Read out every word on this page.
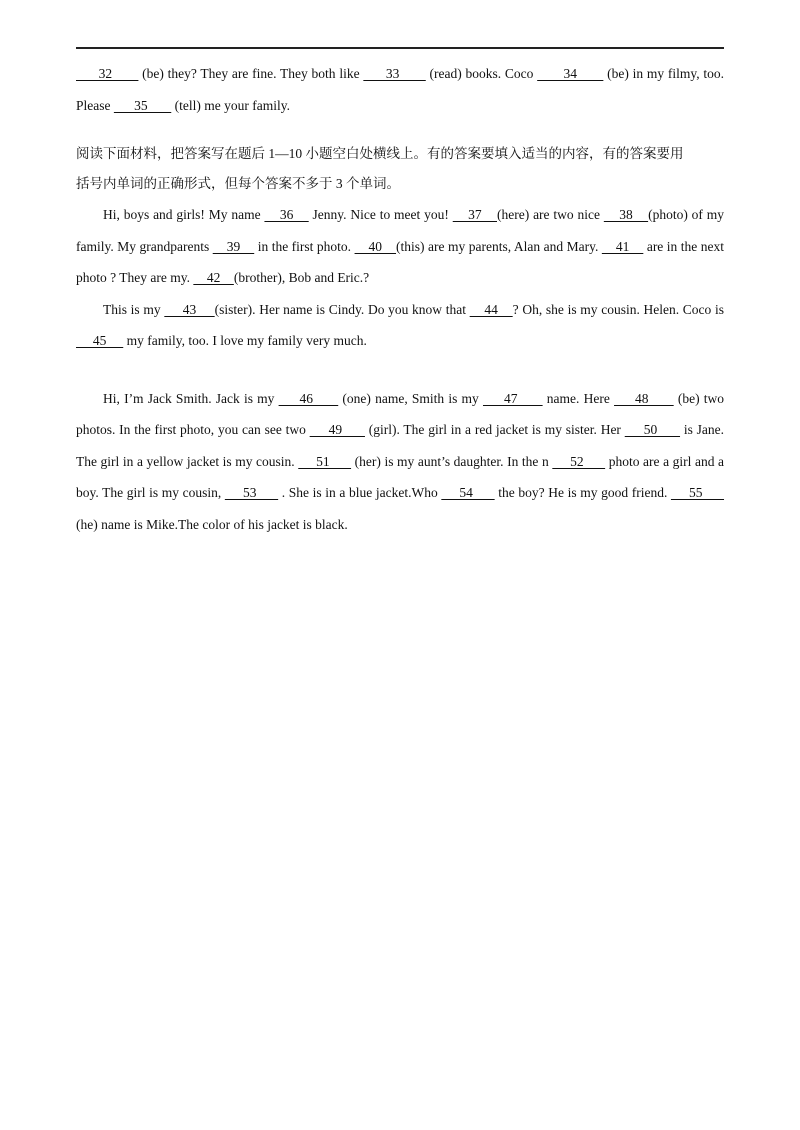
32        (be) they? They are fine. They both like       33        (read) books. Coco        34        (be) in my filmy, too. Please       35        (tell) me your family.

阅读下面材料，把答案写在题后 1—10 小题空白处横线上。有的答案要填入适当的内容，有的答案要用
括号内单词的正确形式，但每个答案不多于 3 个单词。

Hi, boys and girls! My name     36     Jenny. Nice to meet you!     37    (here) are two nice     38    (photo) of my family. My grandparents     39     in the first photo.     40    (this) are my parents, Alan and Mary.     41     are in the next photo ? They are my.     42    (brother), Bob and Eric.?

This is my      43     (sister). Her name is Cindy. Do you know that     44    ? Oh, she is my cousin. Helen. Coco is      45      my family, too. I love my family very much.

Hi, I’m Jack Smith. Jack is my      46       (one) name, Smith is my      47       name. Here      48       (be) two photos. In the first photo, you can see two      49       (girl). The girl in a red jacket is my sister. Her      50       is Jane. The girl in a yellow jacket is my cousin.      51       (her) is my aunt’s daughter. In the n      52       photo are a girl and a boy. The girl is my cousin,      53       . She is in a blue jacket.Who      54       the boy? He is my good friend.      55       (he) name is Mike.The color of his jacket is black.
